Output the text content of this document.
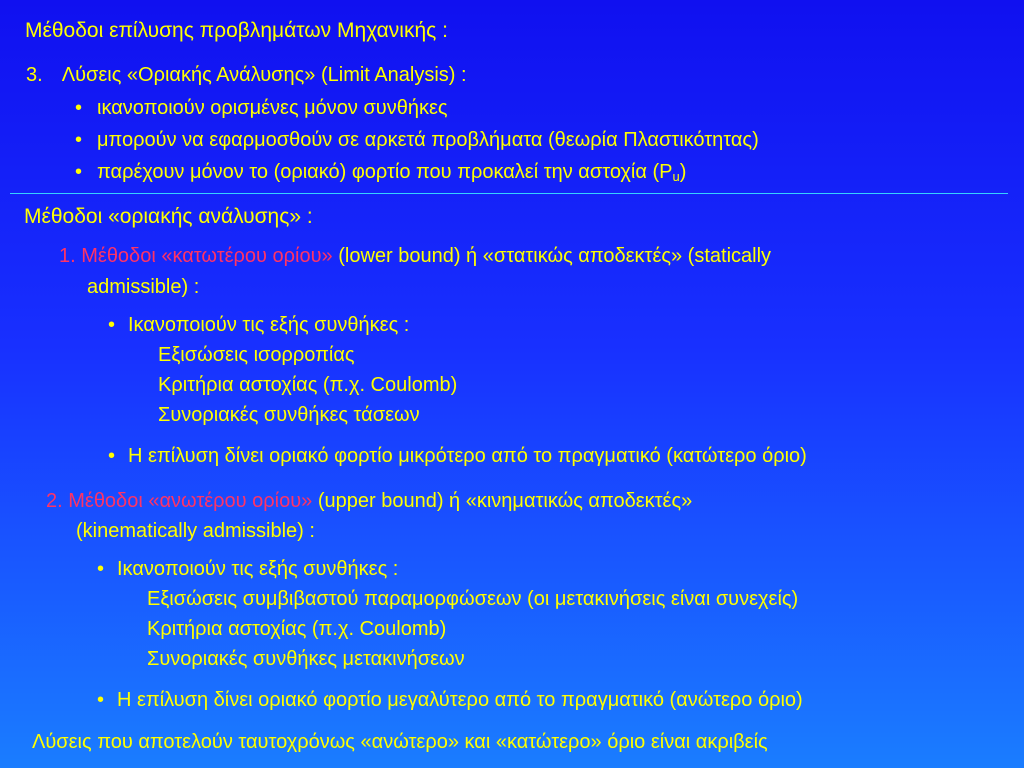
Μέθοδοι επίλυσης προβλημάτων Μηχανικής :
3. Λύσεις «Οριακής Ανάλυσης» (Limit Analysis) :
• ικανοποιούν ορισμένες μόνον συνθήκες
• μπορούν να εφαρμοσθούν σε αρκετά προβλήματα (θεωρία Πλαστικότητας)
• παρέχουν μόνον το (οριακό) φορτίο που προκαλεί την αστοχία $(P_u)$
Μέθοδοι «οριακής ανάλυσης» :
1. Μέθοδοι «κατωτέρου ορίου» (lower bound) ή «στατικώς αποδεκτές» (statically
admissible) :
• Ικανοποιούν τις εξής συνθήκες :
Εξισώσεις ισορροπίας
Κριτήρια αστοχίας (π.χ. Coulomb)
Συνοριακές συνθήκες τάσεων
• Η επίλυση δίνει οριακό φορτίο μικρότερο από το πραγματικό (κατώτερο όριο)
2. Μέθοδοι «ανωτέρου ορίου» (upper bound) ή «κινηματικώς αποδεκτές»
(kinematically admissible) :
• Ικανοποιούν τις εξής συνθήκες :
Εξισώσεις συμβιβαστού παραμορφώσεων (οι μετακινήσεις είναι συνεχείς)
Κριτήρια αστοχίας (π.χ. Coulomb)
Συνοριακές συνθήκες μετακινήσεων
• Η επίλυση δίνει οριακό φορτίο μεγαλύτερο από το πραγματικό (ανώτερο όριο)
Λύσεις που αποτελούν ταυτοχρόνως «ανώτερο» και «κατώτερο» όριο είναι ακριβείς
